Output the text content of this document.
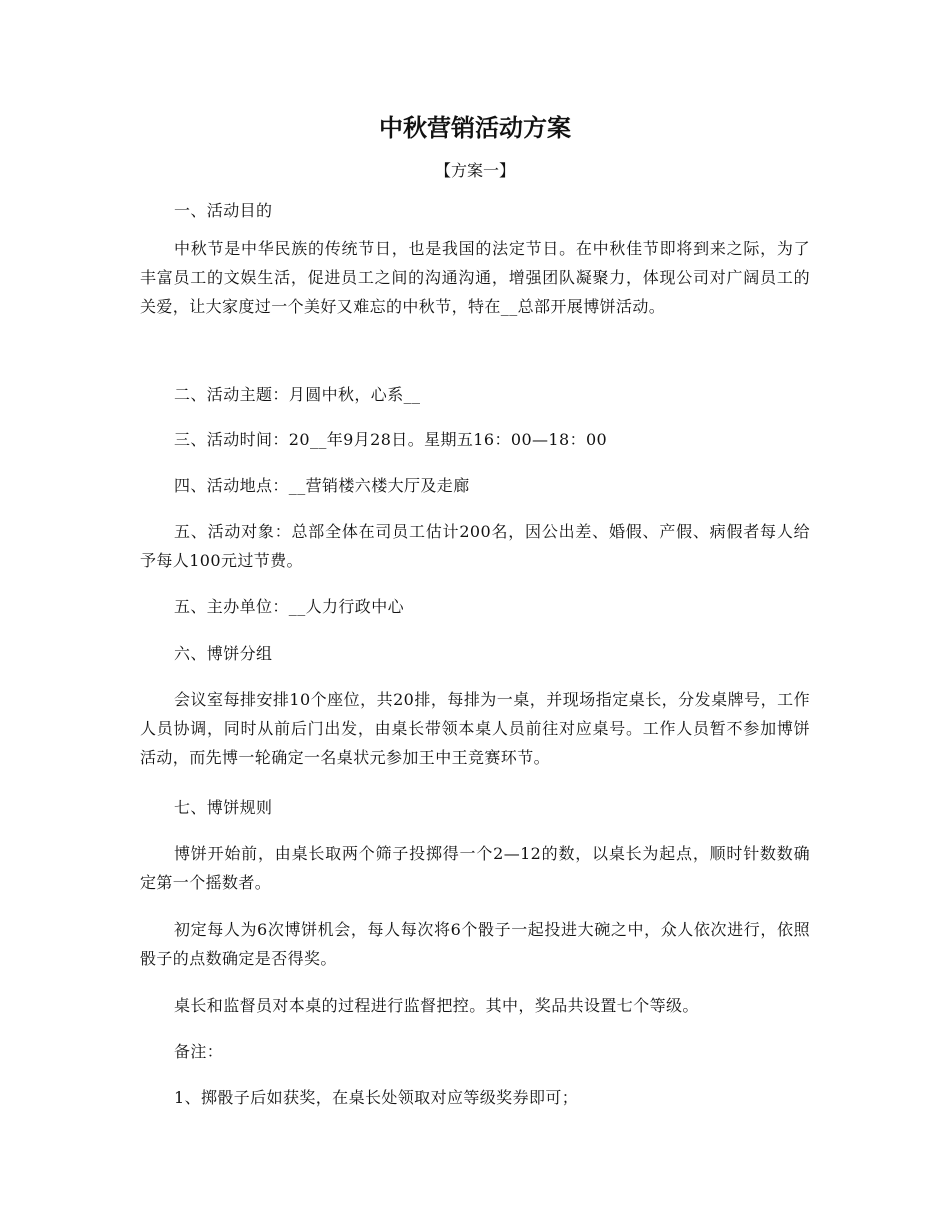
中秋营销活动方案
【方案一】

一、活动目的

中秋节是中华民族的传统节日，也是我国的法定节日。在中秋佳节即将到来之际，为了丰富员工的文娱生活，促进员工之间的沟通沟通，增强团队凝聚力，体现公司对广阔员工的关爱，让大家度过一个美好又难忘的中秋节，特在__总部开展博饼活动。

二、活动主题：月圆中秋，心系__

三、活动时间：20__年9月28日。星期五16：00—18：00

四、活动地点：__营销楼六楼大厅及走廊

五、活动对象：总部全体在司员工估计200名，因公出差、婚假、产假、病假者每人给予每人100元过节费。

五、主办单位：__人力行政中心

六、博饼分组

会议室每排安排10个座位，共20排，每排为一桌，并现场指定桌长，分发桌牌号，工作人员协调，同时从前后门出发，由桌长带领本桌人员前往对应桌号。工作人员暂不参加博饼活动，而先博一轮确定一名桌状元参加王中王竞赛环节。

七、博饼规则

博饼开始前，由桌长取两个筛子投掷得一个2—12的数，以桌长为起点，顺时针数数确定第一个摇数者。

初定每人为6次博饼机会，每人每次将6个骰子一起投进大碗之中，众人依次进行，依照骰子的点数确定是否得奖。

桌长和监督员对本桌的过程进行监督把控。其中，奖品共设置七个等级。

备注：

1、掷骰子后如获奖，在桌长处领取对应等级奖券即可；
